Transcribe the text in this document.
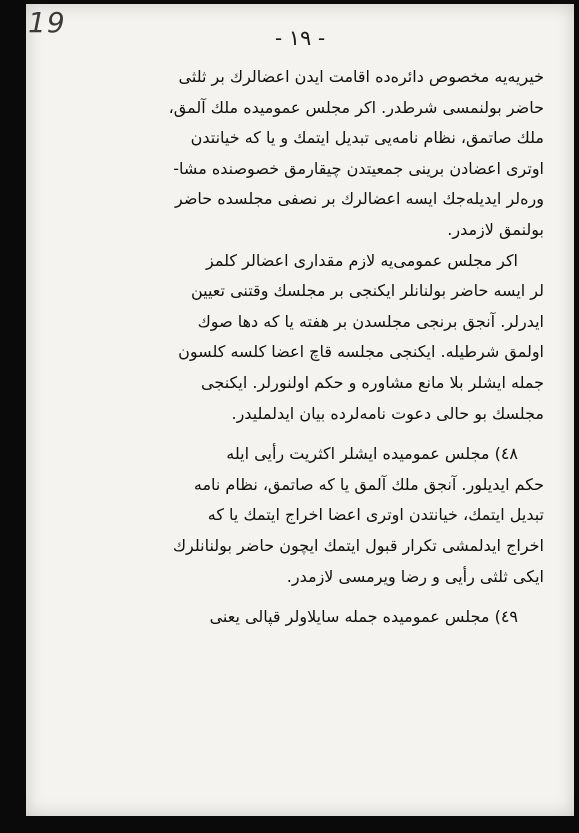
19	- ١٩ -
خیریه‌یه مخصوص دائره‌ده اقامت ایدن اعضالرك بر ثلثی
حاضر بولنمسی شرطدر. اكر مجلس عمومیده ملك آلمق،
ملك صاتمق، نظام نامه‌یی تبدیل ایتمك و یا كه خیانتدن
اوتری اعضادن برینی جمعیتدن چیقارمق خصوصنده مشا-
وره‌لر ایدیله‌جك ایسه اعضالرك بر نصفی مجلسده حاضر
بولنمق لازمدر.
اكر مجلس عمومی‌یه لازم مقداری اعضالر كلمز
لر ایسه حاضر بولنانلر ایكنجی بر مجلسك وقتنی تعیین
ایدرلر. آنجق برنجی مجلسدن بر هفته یا كه دها صوك
اولمق شرطیله. ایكنجی مجلسه قاچ اعضا كلسه كلسون
جمله ایشلر بلا مانع مشاوره و حكم اولنورلر. ایكنجی
مجلسك بو حالی دعوت نامه‌لرده بیان ایدلملیدر.
٤٨) مجلس عمومیده ایشلر اكثریت رأیی ایله
حكم ایدیلور. آنجق ملك آلمق یا كه صاتمق، نظام نامه
تبدیل ایتمك، خیانتدن اوتری اعضا اخراج ایتمك یا كه
اخراج ایدلمشی تكرار قبول ایتمك ایچون حاضر بولنانلرك
ایكی ثلثی رأیی و رضا ویرمسی لازمدر.
٤٩) مجلس عمومیده جمله سایلاولر قپالی یعنی
